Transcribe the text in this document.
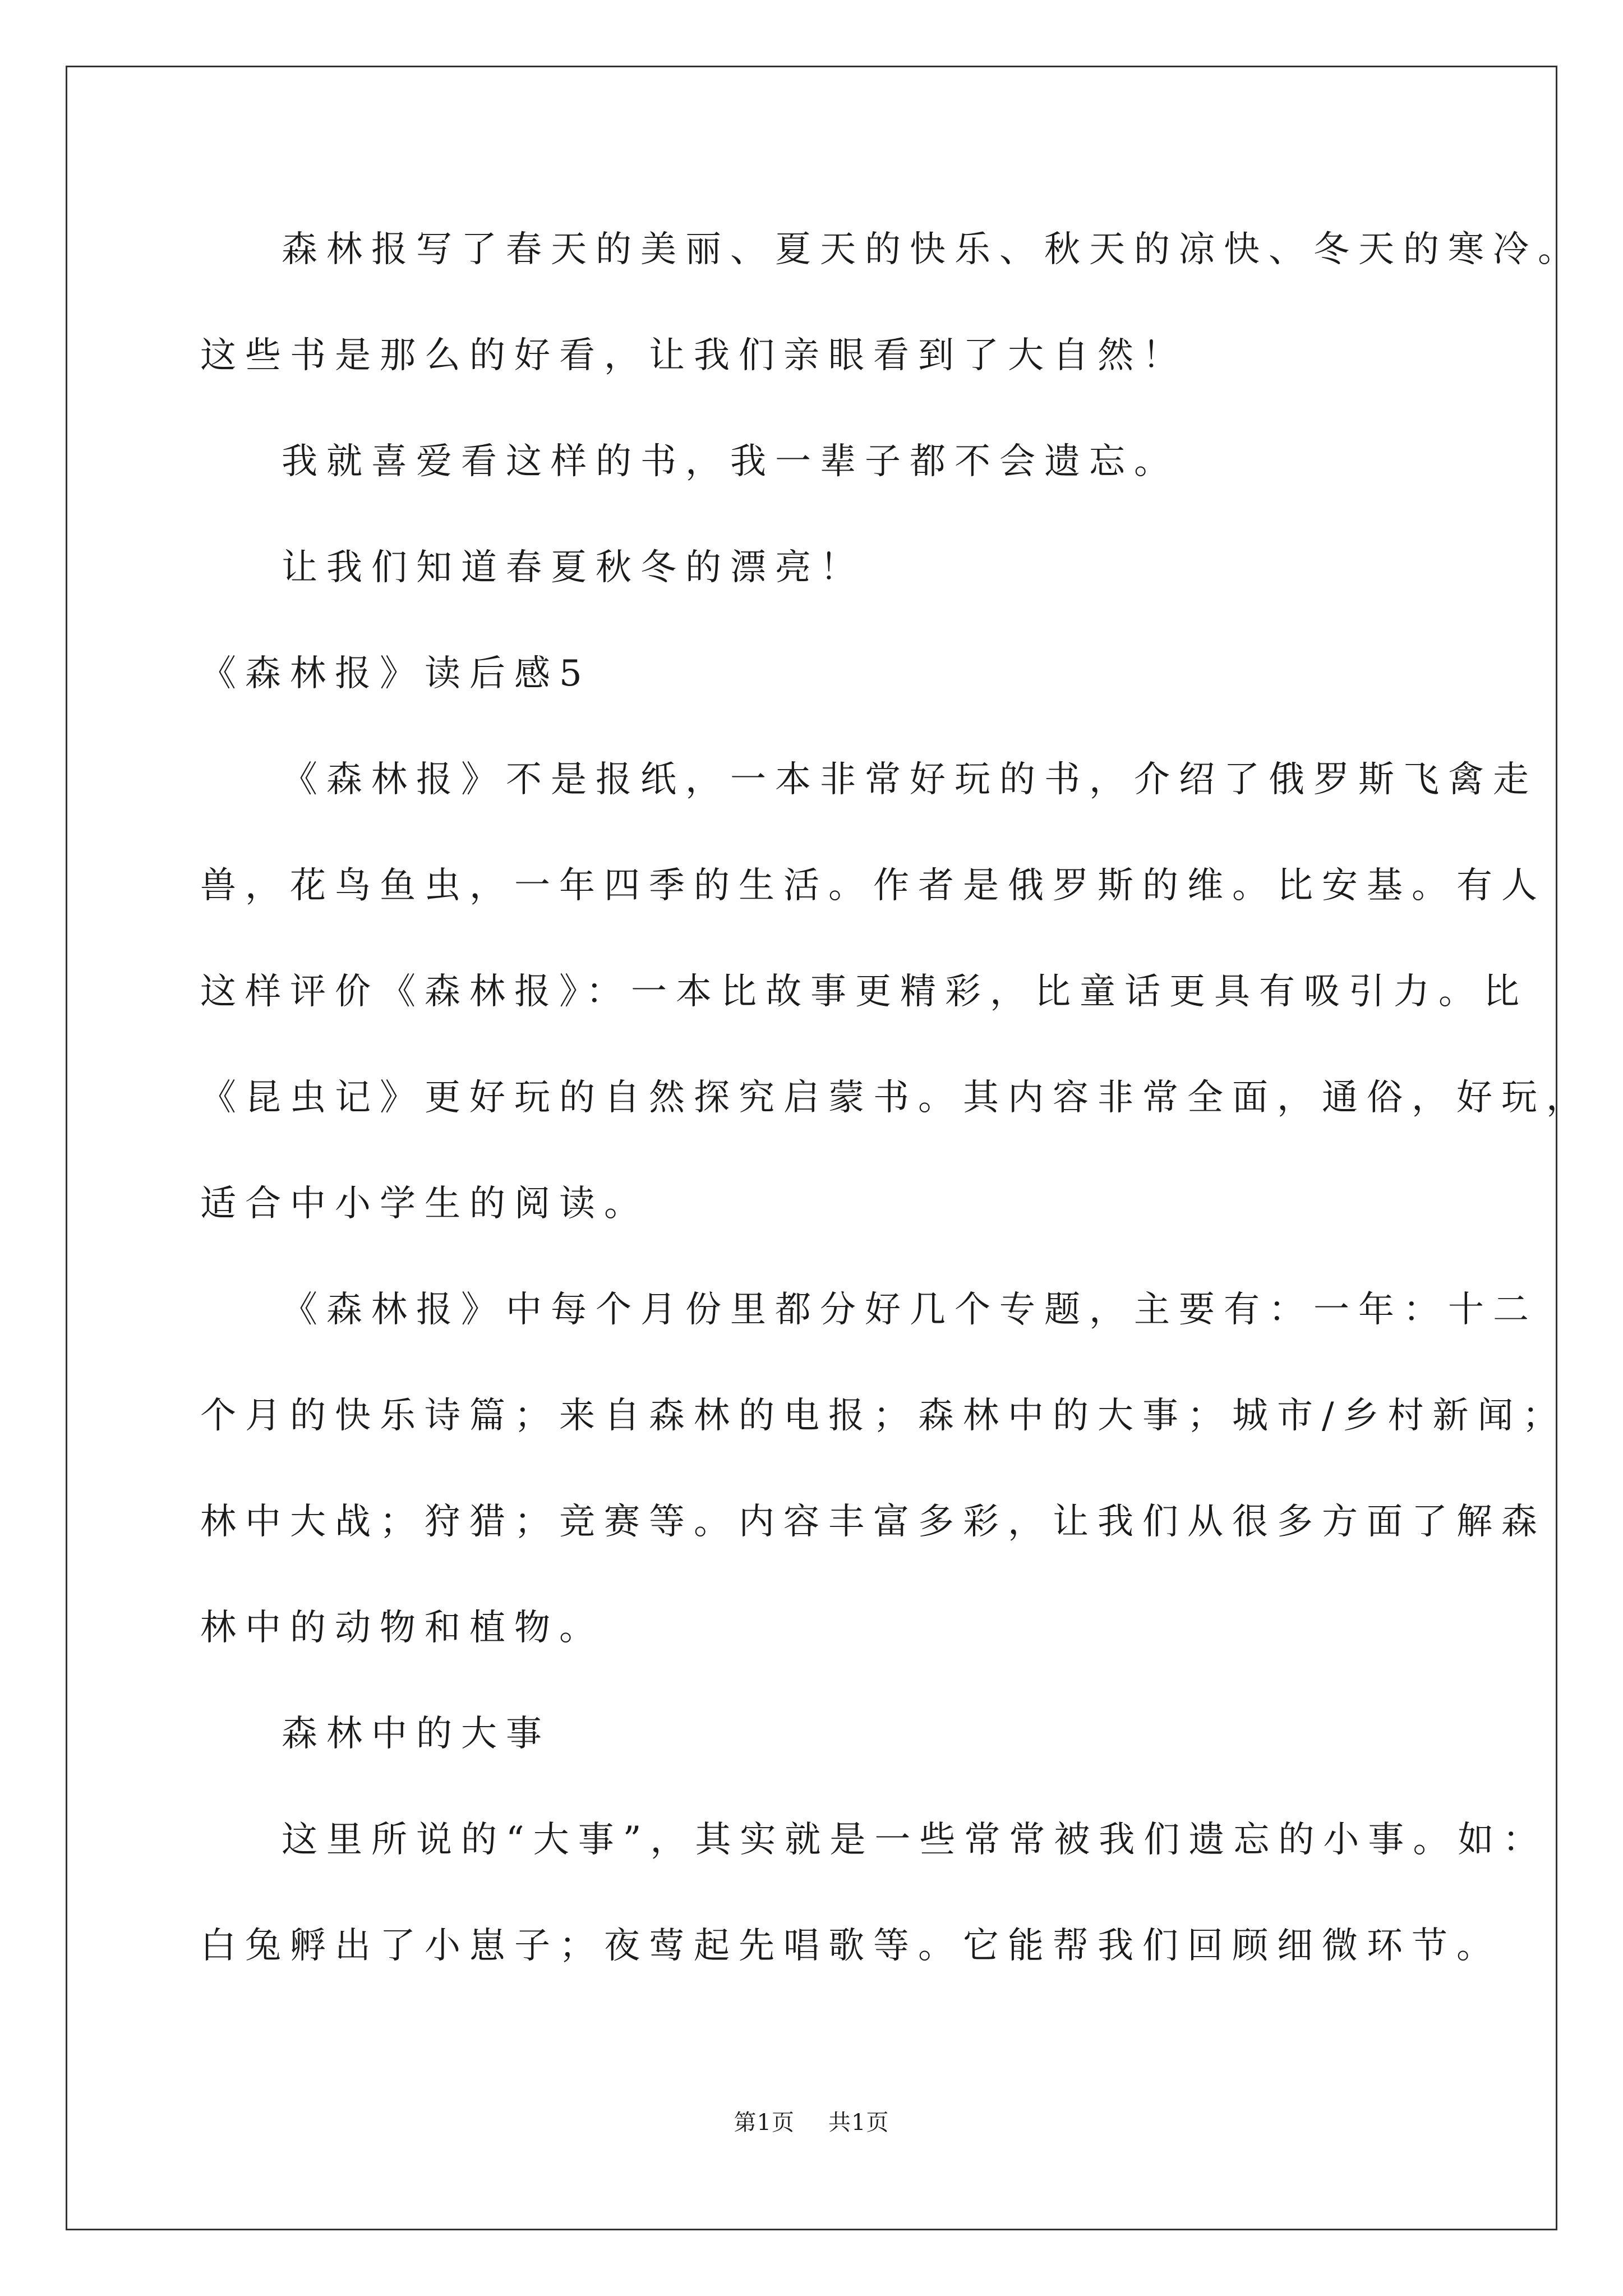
森林报写了春天的美丽、夏天的快乐、秋天的凉快、冬天的寒冷。
这些书是那么的好看，让我们亲眼看到了大自然！
我就喜爱看这样的书，我一辈子都不会遗忘。
让我们知道春夏秋冬的漂亮！
《森林报》读后感5
《森林报》不是报纸，一本非常好玩的书，介绍了俄罗斯飞禽走
兽，花鸟鱼虫，一年四季的生活。作者是俄罗斯的维。比安基。有人
这样评价《森林报》：一本比故事更精彩，比童话更具有吸引力。比
《昆虫记》更好玩的自然探究启蒙书。其内容非常全面，通俗，好玩，
适合中小学生的阅读。
《森林报》中每个月份里都分好几个专题，主要有：一年：十二
个月的快乐诗篇；来自森林的电报；森林中的大事；城市/乡村新闻；
林中大战；狩猎；竞赛等。内容丰富多彩，让我们从很多方面了解森
林中的动物和植物。
森林中的大事
这里所说的“大事”，其实就是一些常常被我们遗忘的小事。如：
白兔孵出了小崽子；夜莺起先唱歌等。它能帮我们回顾细微环节。
第1页 共1页
